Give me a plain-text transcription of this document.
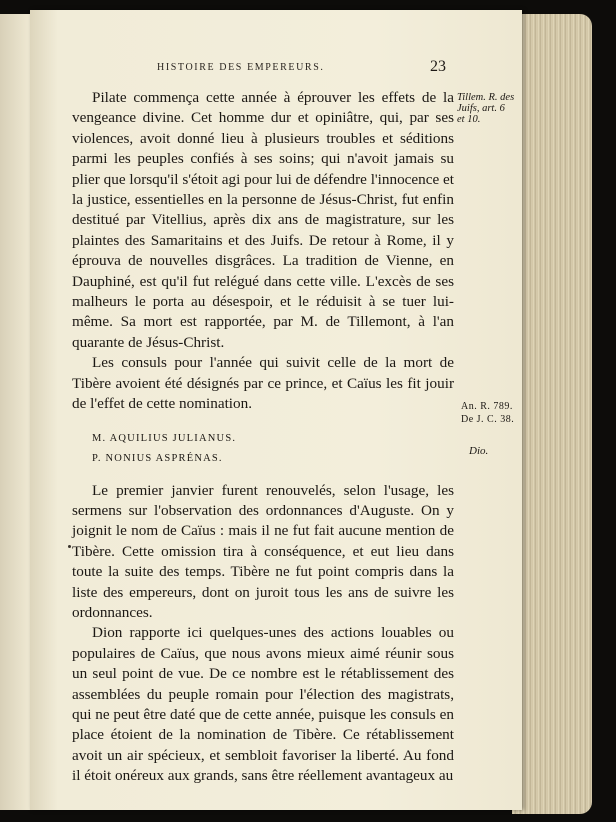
HISTOIRE DES EMPEREURS.	23

Pilate commença cette année à éprouver les effets de la vengeance divine. Cet homme dur et opiniâtre, qui, par ses violences, avoit donné lieu à plusieurs troubles et séditions parmi les peuples confiés à ses soins; qui n'avoit jamais su plier que lorsqu'il s'étoit agi pour lui de défendre l'innocence et la justice, essentielles en la personne de Jésus-Christ, fut enfin destitué par Vitellius, après dix ans de magistrature, sur les plaintes des Samaritains et des Juifs. De retour à Rome, il y éprouva de nouvelles disgrâces. La tradition de Vienne, en Dauphiné, est qu'il fut relégué dans cette ville. L'excès de ses malheurs le porta au désespoir, et le réduisit à se tuer lui-même. Sa mort est rapportée, par M. de Tillemont, à l'an quarante de Jésus-Christ.

Les consuls pour l'année qui suivit celle de la mort de Tibère avoient été désignés par ce prince, et Caïus les fit jouir de l'effet de cette nomination.

M. AQUILIUS JULIANUS.
P. NONIUS ASPRÉNAS.

Le premier janvier furent renouvelés, selon l'usage, les sermens sur l'observation des ordonnances d'Auguste. On y joignit le nom de Caïus : mais il ne fut fait aucune mention de Tibère. Cette omission tira à conséquence, et eut lieu dans toute la suite des temps. Tibère ne fut point compris dans la liste des empereurs, dont on juroit tous les ans de suivre les ordonnances.

Dion rapporte ici quelques-unes des actions louables ou populaires de Caïus, que nous avons mieux aimé réunir sous un seul point de vue. De ce nombre est le rétablissement des assemblées du peuple romain pour l'élection des magistrats, qui ne peut être daté que de cette année, puisque les consuls en place étoient de la nomination de Tibère. Ce rétablissement avoit un air spécieux, et sembloit favoriser la liberté. Au fond il étoit onéreux aux grands, sans être réellement avantageux au

Tillem. R. des Juifs, art. 6 et 10.
An. R. 789.
De J. C. 38.
Dio.
